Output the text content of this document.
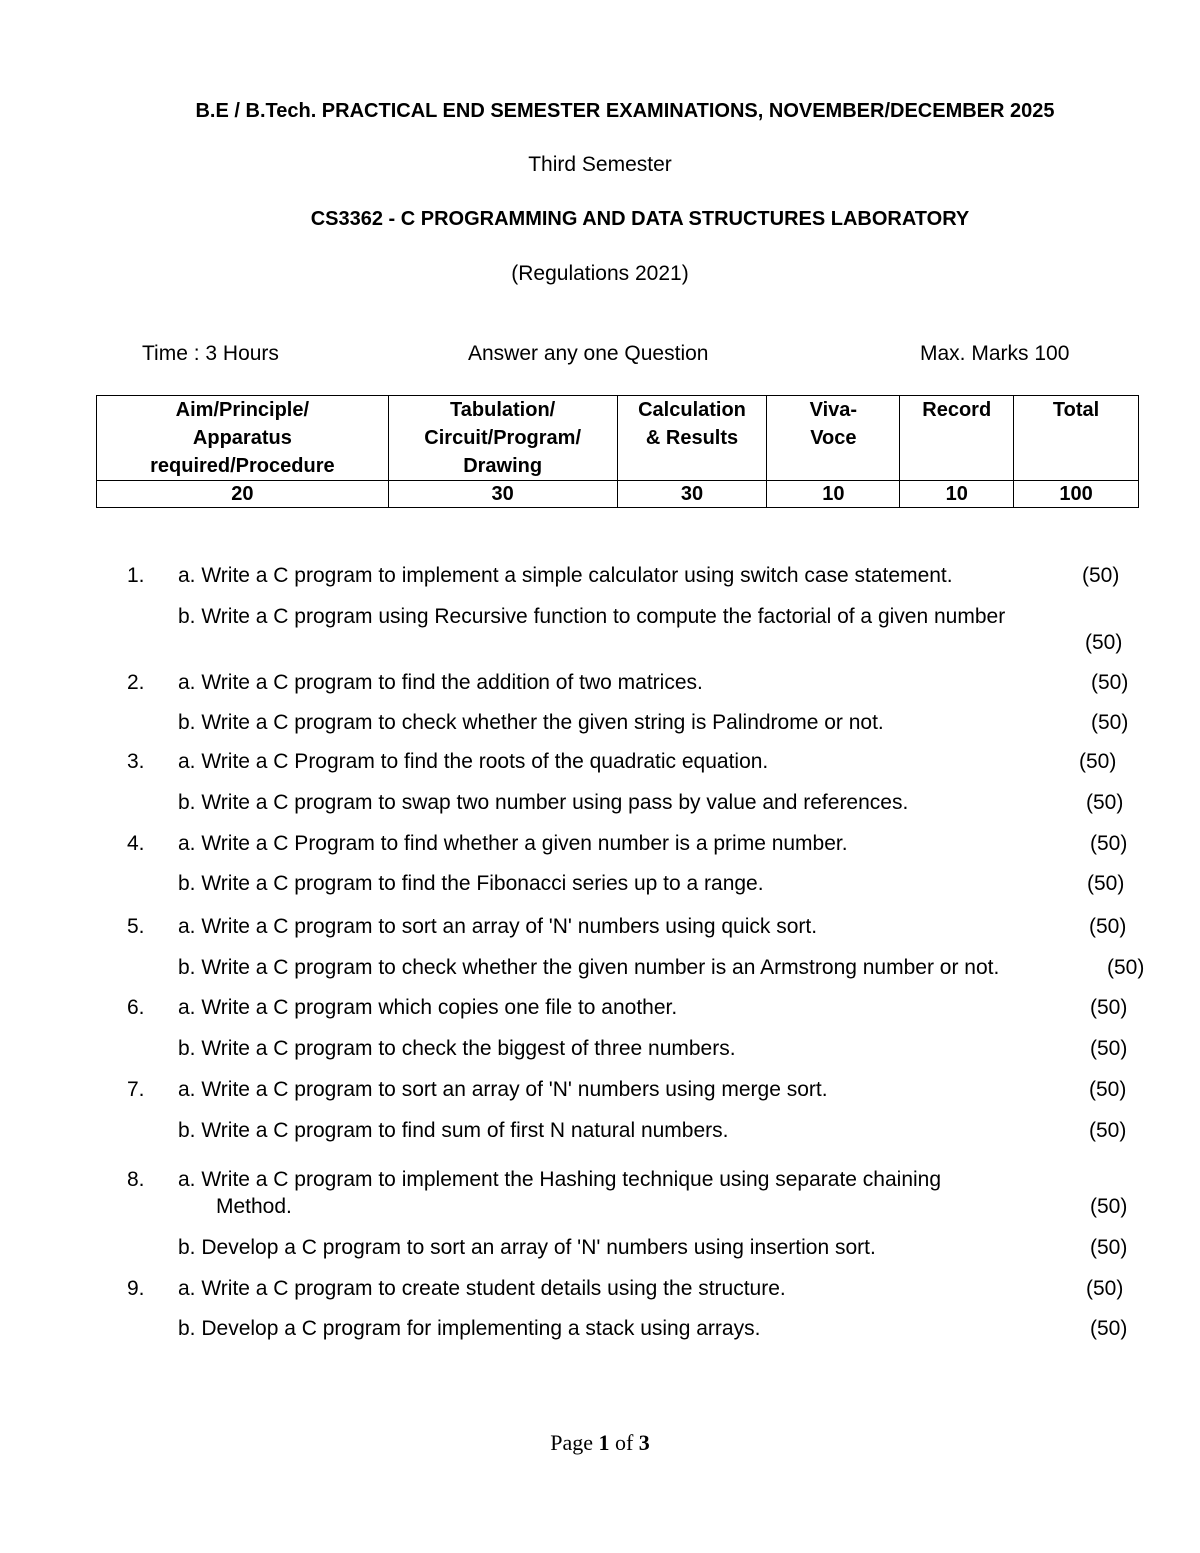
B.E / B.Tech. PRACTICAL END SEMESTER EXAMINATIONS, NOVEMBER/DECEMBER 2025
Third Semester
CS3362 - C PROGRAMMING AND DATA STRUCTURES LABORATORY
(Regulations 2021)
Time : 3 Hours	Answer any one Question	Max. Marks 100
Aim/Principle/
Apparatus
required/Procedure	Tabulation/
Circuit/Program/
Drawing	Calculation
& Results	Viva-
Voce	Record	Total

20	30	30	10	10	100
1. a. Write a C program to implement a simple calculator using switch case statement.	(50)
b. Write a C program using Recursive function to compute the factorial of a given number
(50)
2. a. Write a C program to find the addition of two matrices.	(50)
b. Write a C program to check whether the given string is Palindrome or not.	(50)
3. a. Write a C Program to find the roots of the quadratic equation.	(50)
b. Write a C program to swap two number using pass by value and references.	(50)
4. a. Write a C Program to find whether a given number is a prime number.	(50)
b. Write a C program to find the Fibonacci series up to a range.	(50)
5. a. Write a C program to sort an array of 'N' numbers using quick sort.	(50)
b. Write a C program to check whether the given number is an Armstrong number or not.	(50)
6. a. Write a C program which copies one file to another.	(50)
b. Write a C program to check the biggest of three numbers.	(50)
7. a. Write a C program to sort an array of 'N' numbers using merge sort.	(50)
b. Write a C program to find sum of first N natural numbers.	(50)
8. a. Write a C program to implement the Hashing technique using separate chaining
Method.	(50)
b. Develop a C program to sort an array of 'N' numbers using insertion sort.	(50)
9. a. Write a C program to create student details using the structure.	(50)
b. Develop a C program for implementing a stack using arrays.	(50)
Page 1 of 3
